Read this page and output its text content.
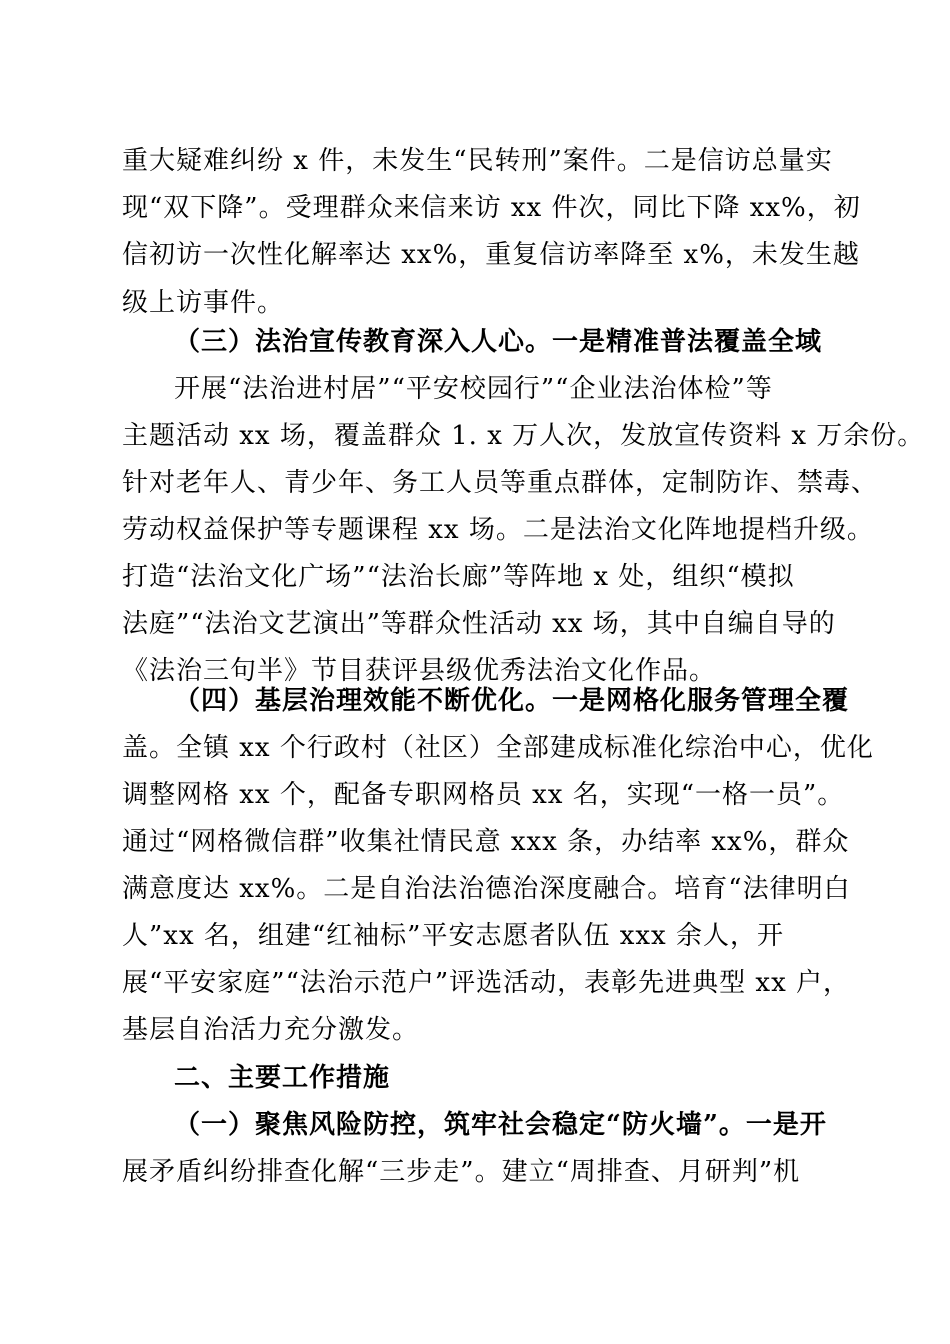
重大疑难纠纷 x 件，未发生“民转刑”案件。二是信访总量实
现“双下降”。受理群众来信来访 xx 件次，同比下降 xx%，初
信初访一次性化解率达 xx%，重复信访率降至 x%，未发生越
级上访事件。
（三）法治宣传教育深入人心。一是精准普法覆盖全域
开展“法治进村居”“平安校园行”“企业法治体检”等
主题活动 xx 场，覆盖群众 1. x 万人次，发放宣传资料 x 万余份。
针对老年人、青少年、务工人员等重点群体，定制防诈、禁毒、
劳动权益保护等专题课程 xx 场。二是法治文化阵地提档升级。
打造“法治文化广场”“法治长廊”等阵地 x 处，组织“模拟
法庭”“法治文艺演出”等群众性活动 xx 场，其中自编自导的
《法治三句半》节目获评县级优秀法治文化作品。
（四）基层治理效能不断优化。一是网格化服务管理全覆
盖。全镇 xx 个行政村（社区）全部建成标准化综治中心，优化
调整网格 xx 个，配备专职网格员 xx 名，实现“一格一员”。
通过“网格微信群”收集社情民意 xxx 条，办结率 xx%，群众
满意度达 xx%。二是自治法治德治深度融合。培育“法律明白
人”xx 名，组建“红袖标”平安志愿者队伍 xxx 余人，开
展“平安家庭”“法治示范户”评选活动，表彰先进典型 xx 户，
基层自治活力充分激发。
二、主要工作措施
（一）聚焦风险防控，筑牢社会稳定“防火墙”。一是开
展矛盾纠纷排查化解“三步走”。建立“周排查、月研判”机
